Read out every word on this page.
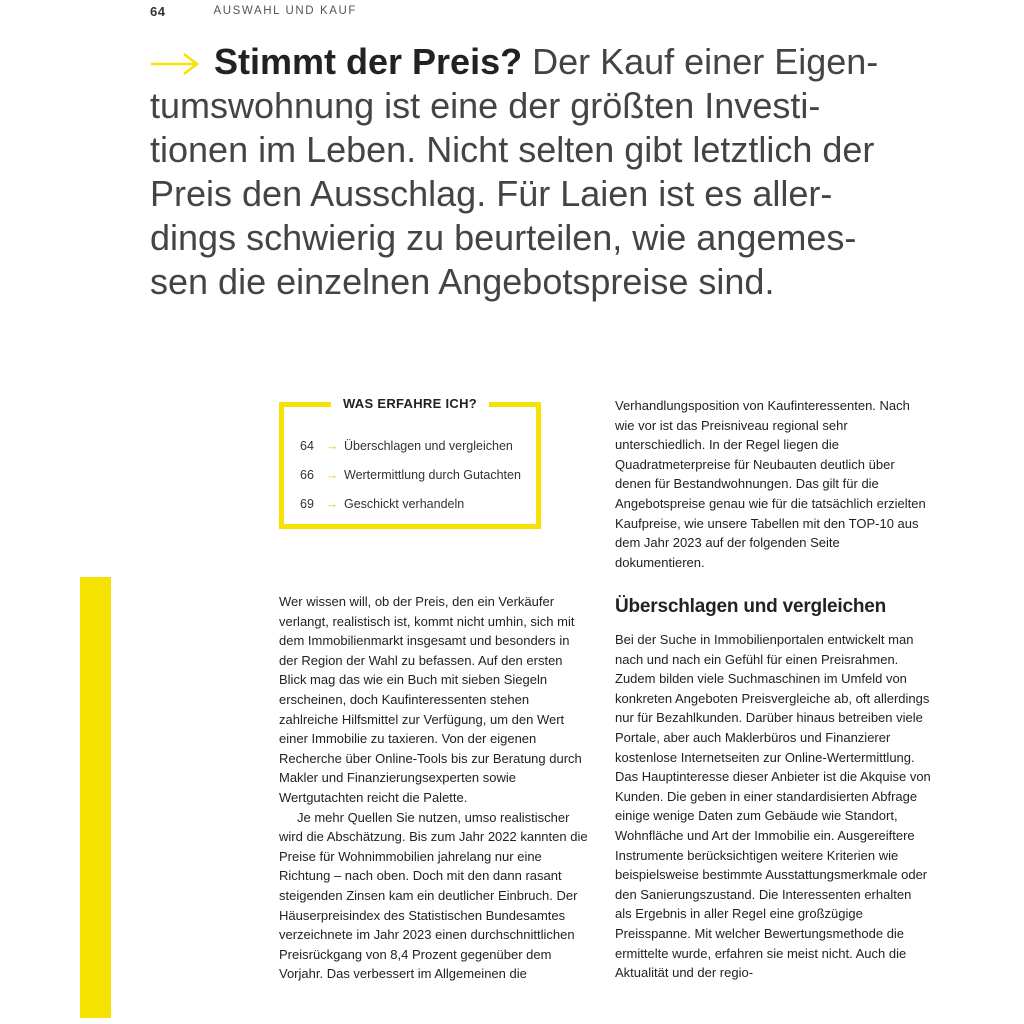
64	AUSWAHL UND KAUF

Stimmt der Preis? Der Kauf einer Eigentumswohnung ist eine der größten Investitionen im Leben. Nicht selten gibt letztlich der Preis den Ausschlag. Für Laien ist es allerdings schwierig zu beurteilen, wie angemessen die einzelnen Angebotspreise sind.

WAS ERFAHRE ICH?
64 → Überschlagen und vergleichen
66 → Wertermittlung durch Gutachten
69 → Geschickt verhandeln

Wer wissen will, ob der Preis, den ein Verkäufer verlangt, realistisch ist, kommt nicht umhin, sich mit dem Immobilienmarkt insgesamt und besonders in der Region der Wahl zu befassen. Auf den ersten Blick mag das wie ein Buch mit sieben Siegeln erscheinen, doch Kaufinteressenten stehen zahlreiche Hilfsmittel zur Verfügung, um den Wert einer Immobilie zu taxieren. Von der eigenen Recherche über Online-Tools bis zur Beratung durch Makler und Finanzierungsexperten sowie Wertgutachten reicht die Palette.

Je mehr Quellen Sie nutzen, umso realistischer wird die Abschätzung. Bis zum Jahr 2022 kannten die Preise für Wohnimmobilien jahrelang nur eine Richtung – nach oben. Doch mit den dann rasant steigenden Zinsen kam ein deutlicher Einbruch. Der Häuserpreisindex des Statistischen Bundesamtes verzeichnete im Jahr 2023 einen durchschnittlichen Preisrückgang von 8,4 Prozent gegenüber dem Vorjahr. Das verbessert im Allgemeinen die

Verhandlungsposition von Kaufinteressenten. Nach wie vor ist das Preisniveau regional sehr unterschiedlich. In der Regel liegen die Quadratmeterpreise für Neubauten deutlich über denen für Bestandwohnungen. Das gilt für die Angebotspreise genau wie für die tatsächlich erzielten Kaufpreise, wie unsere Tabellen mit den TOP-10 aus dem Jahr 2023 auf der folgenden Seite dokumentieren.

Überschlagen und vergleichen

Bei der Suche in Immobilienportalen entwickelt man nach und nach ein Gefühl für einen Preisrahmen. Zudem bilden viele Suchmaschinen im Umfeld von konkreten Angeboten Preisvergleiche ab, oft allerdings nur für Bezahlkunden. Darüber hinaus betreiben viele Portale, aber auch Maklerbüros und Finanzierer kostenlose Internetseiten zur Online-Wertermittlung.

Das Hauptinteresse dieser Anbieter ist die Akquise von Kunden. Die geben in einer standardisierten Abfrage einige wenige Daten zum Gebäude wie Standort, Wohnfläche und Art der Immobilie ein. Ausgereiftere Instrumente berücksichtigen weitere Kriterien wie beispielsweise bestimmte Ausstattungsmerkmale oder den Sanierungszustand. Die Interessenten erhalten als Ergebnis in aller Regel eine großzügige Preisspanne. Mit welcher Bewertungsmethode die ermittelte wurde, erfahren sie meist nicht. Auch die Aktualität und der regio-
